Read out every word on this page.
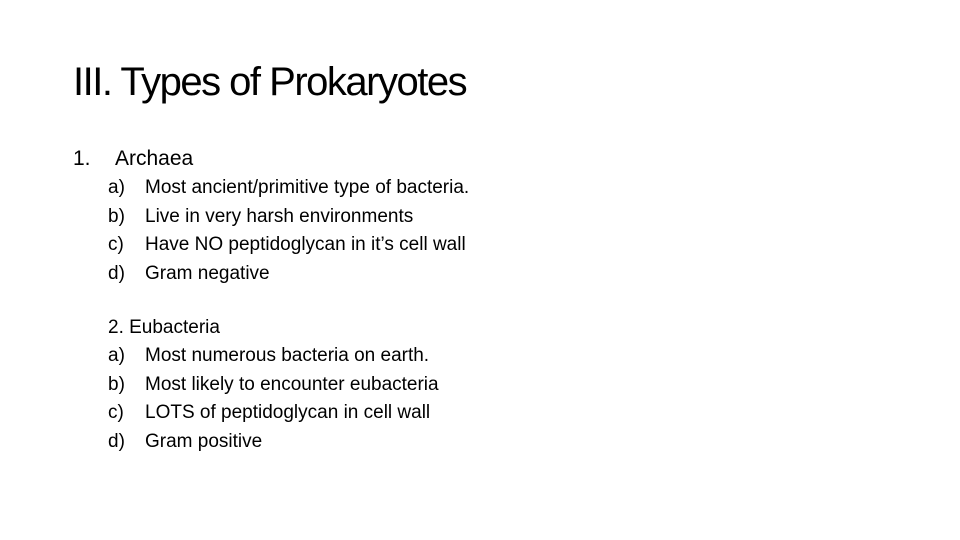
III. Types of Prokaryotes
1. Archaea
a) Most ancient/primitive type of bacteria.
b) Live in very harsh environments
c) Have NO peptidoglycan in it’s cell wall
d) Gram negative
2. Eubacteria
a) Most numerous bacteria on earth.
b) Most likely to encounter eubacteria
c) LOTS of peptidoglycan in cell wall
d) Gram positive
